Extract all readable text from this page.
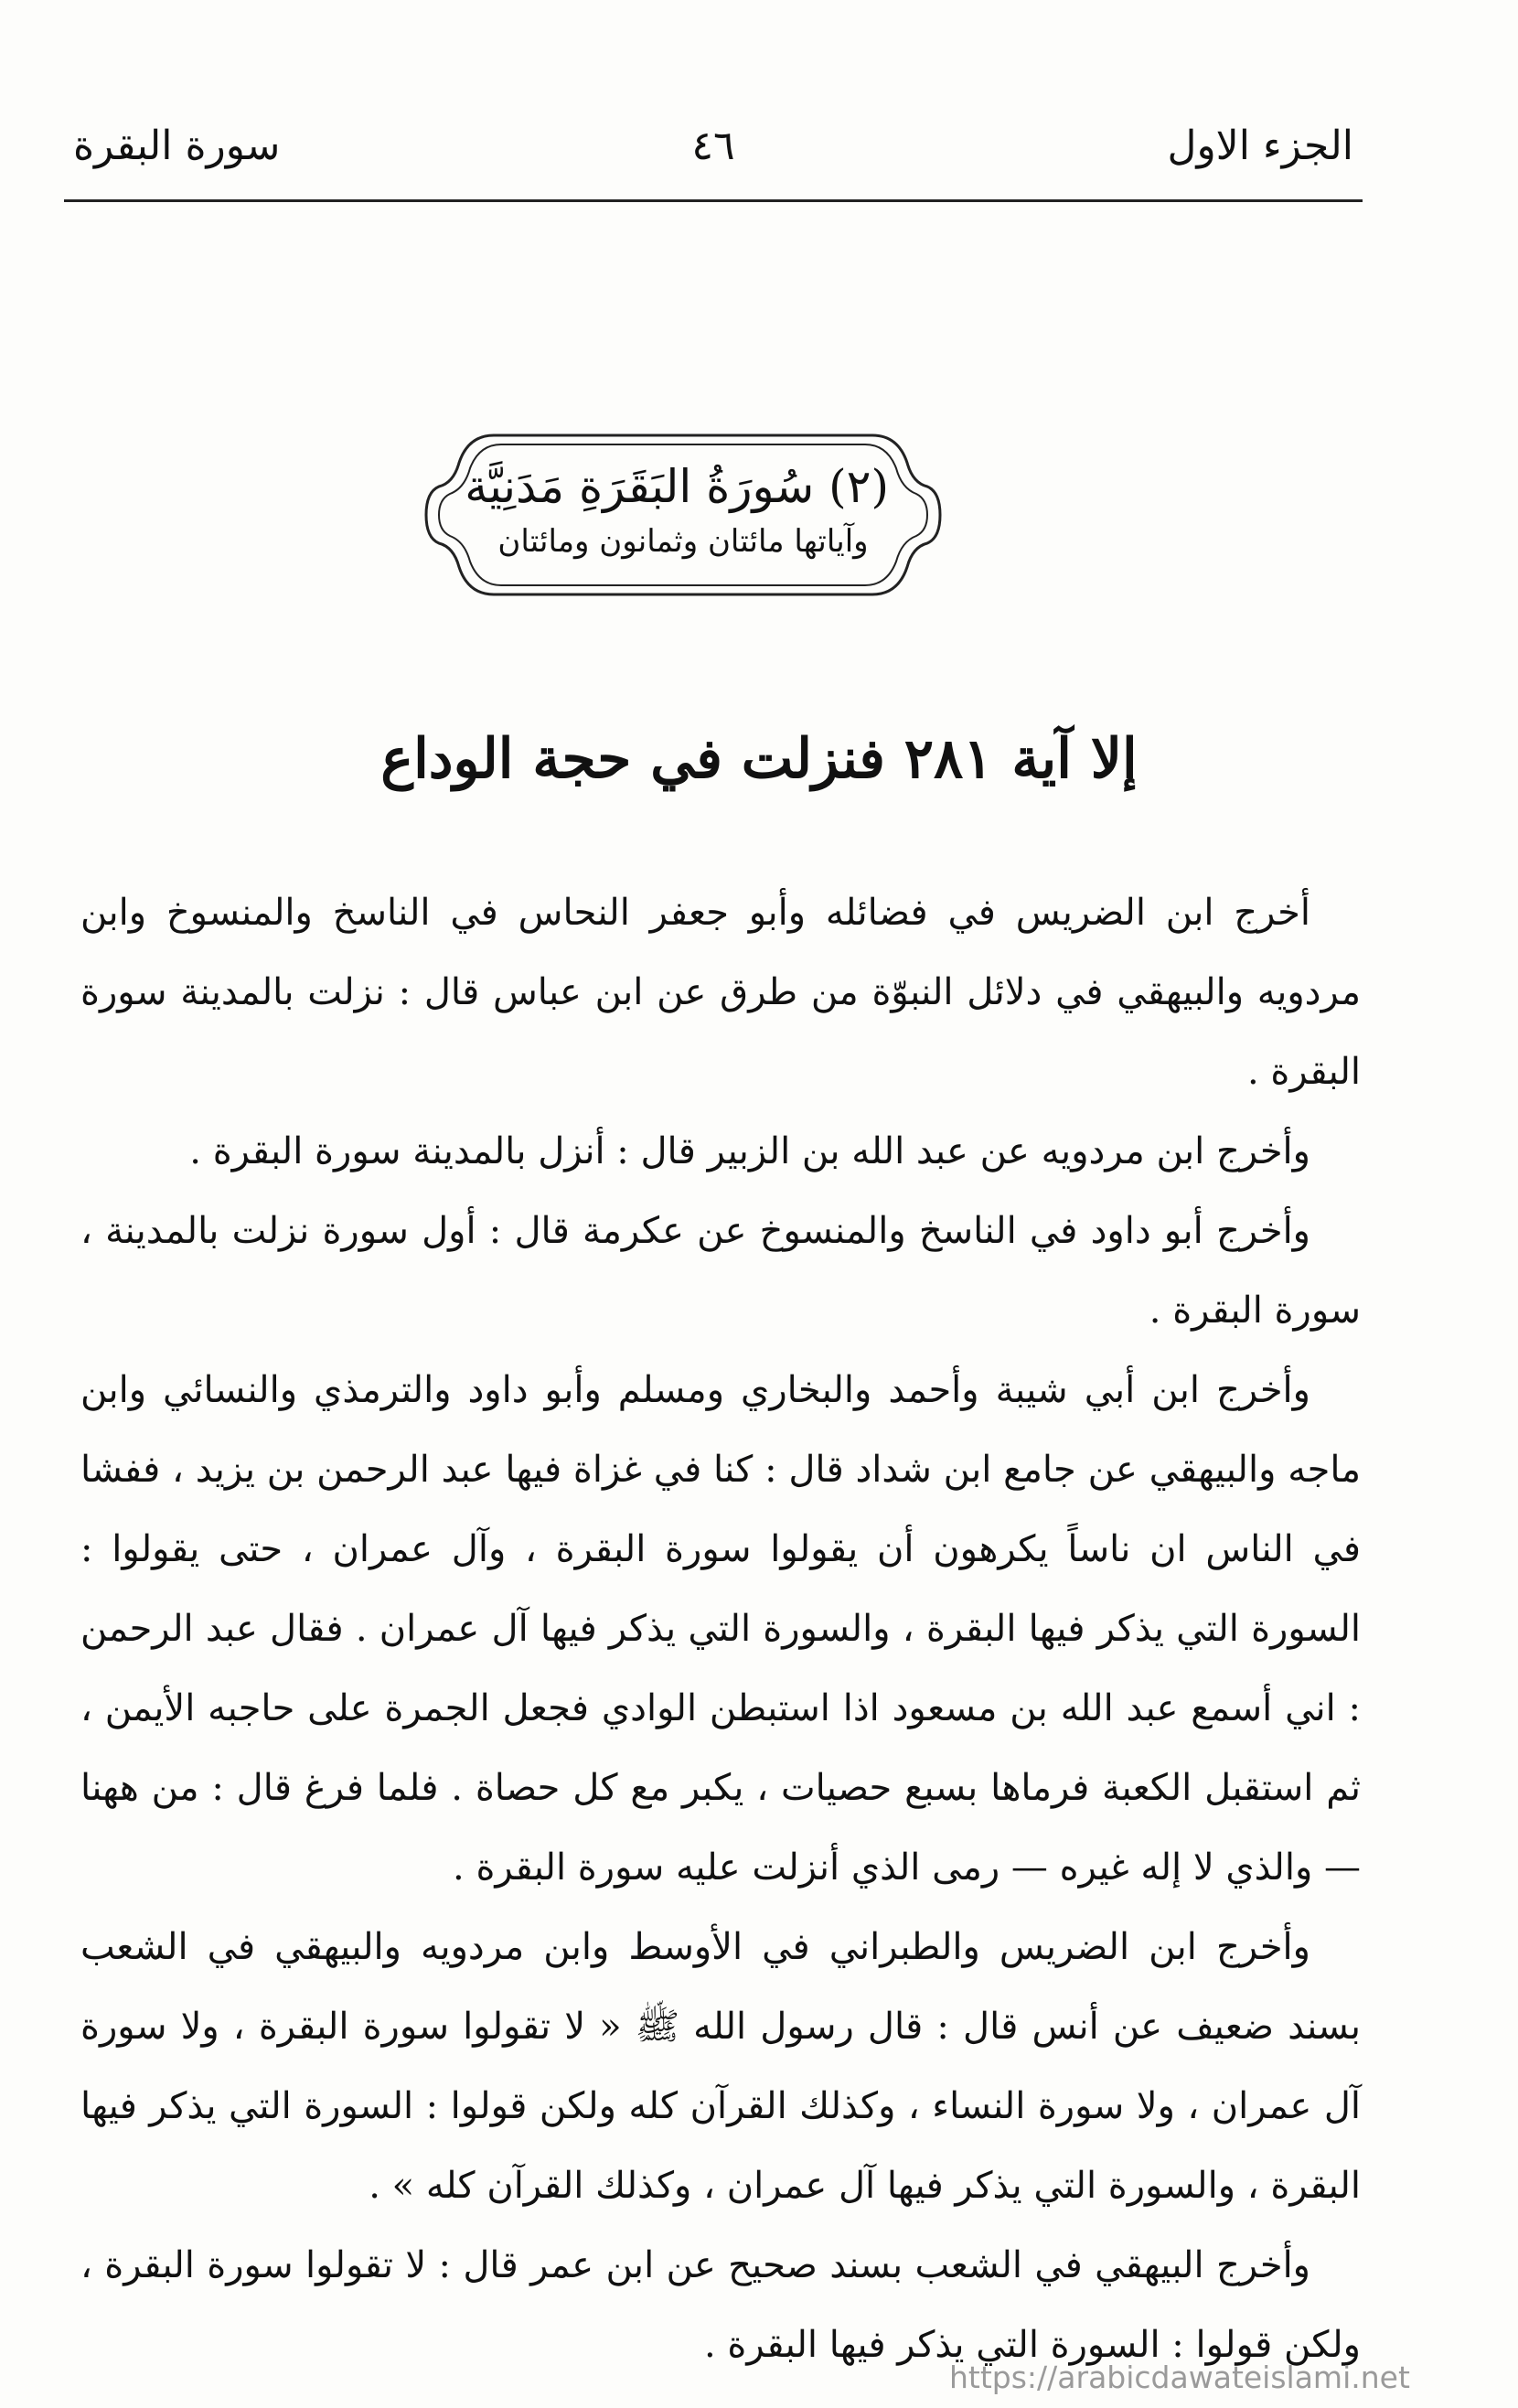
الجزء الاول
٤٦
سورة البقرة
(٢) سُورَةُ البَقَرَةِ مَدَنِيَّة
وآياتها مائتان وثمانون ومائتان
إلا آية ٢٨١ فنزلت في حجة الوداع

أخرج ابن الضريس في فضائله وأبو جعفر النحاس في الناسخ والمنسوخ وابن مردويه والبيهقي في دلائل النبوّة من طرق عن ابن عباس قال : نزلت بالمدينة سورة البقرة .

وأخرج ابن مردويه عن عبد الله بن الزبير قال : أنزل بالمدينة سورة البقرة .

وأخرج أبو داود في الناسخ والمنسوخ عن عكرمة قال : أول سورة نزلت بالمدينة ، سورة البقرة .

وأخرج ابن أبي شيبة وأحمد والبخاري ومسلم وأبو داود والترمذي والنسائي وابن ماجه والبيهقي عن جامع ابن شداد قال : كنا في غزاة فيها عبد الرحمن بن يزيد ، ففشا في الناس ان ناساً يكرهون أن يقولوا سورة البقرة ، وآل عمران ، حتى يقولوا : السورة التي يذكر فيها البقرة ، والسورة التي يذكر فيها آل عمران . فقال عبد الرحمن : اني أسمع عبد الله بن مسعود اذا استبطن الوادي فجعل الجمرة على حاجبه الأيمن ، ثم استقبل الكعبة فرماها بسبع حصيات ، يكبر مع كل حصاة . فلما فرغ قال : من ههنا — والذي لا إله غيره — رمى الذي أنزلت عليه سورة البقرة .

وأخرج ابن الضريس والطبراني في الأوسط وابن مردويه والبيهقي في الشعب بسند ضعيف عن أنس قال : قال رسول الله ﷺ « لا تقولوا سورة البقرة ، ولا سورة آل عمران ، ولا سورة النساء ، وكذلك القرآن كله ولكن قولوا : السورة التي يذكر فيها البقرة ، والسورة التي يذكر فيها آل عمران ، وكذلك القرآن كله » .

وأخرج البيهقي في الشعب بسند صحيح عن ابن عمر قال : لا تقولوا سورة البقرة ، ولكن قولوا : السورة التي يذكر فيها البقرة .

https://arabicdawateislami.net
